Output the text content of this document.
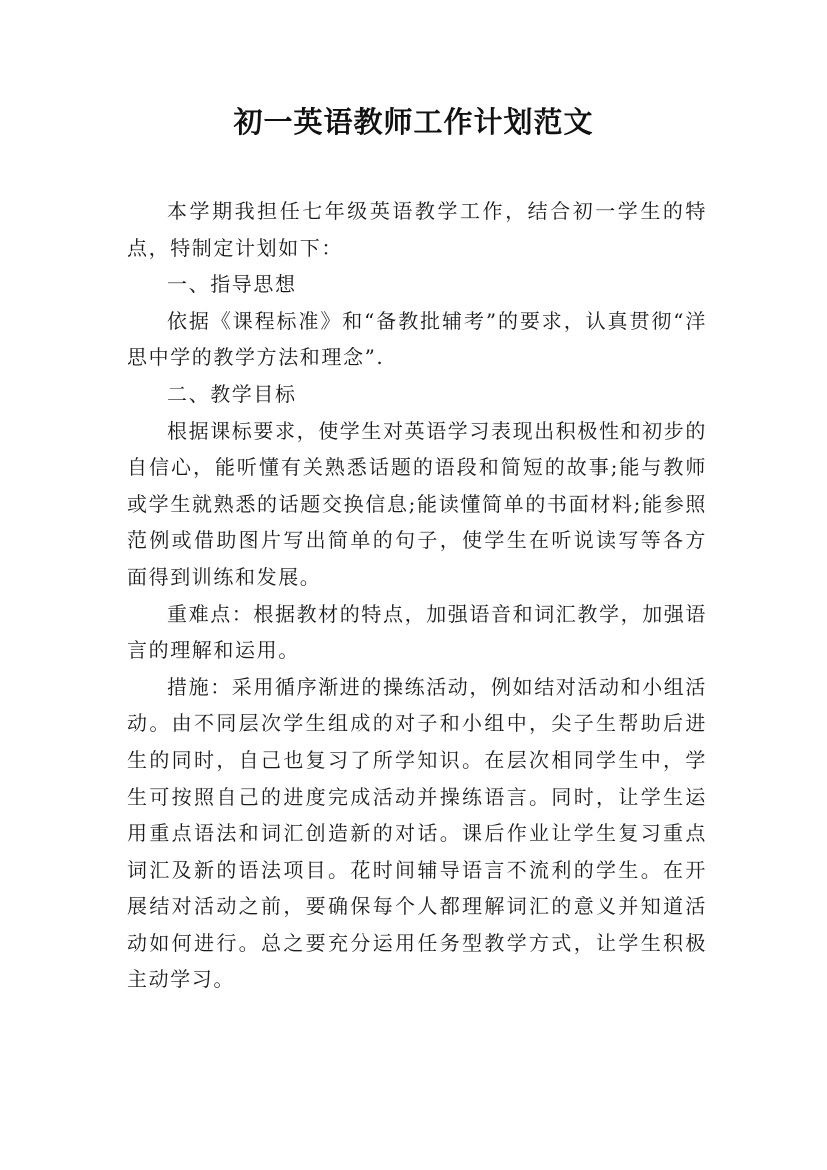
初一英语教师工作计划范文

本学期我担任七年级英语教学工作，结合初一学生的特点，特制定计划如下：

一、指导思想

依据《课程标准》和“备教批辅考”的要求，认真贯彻“洋思中学的教学方法和理念”.

二、教学目标

根据课标要求，使学生对英语学习表现出积极性和初步的自信心，能听懂有关熟悉话题的语段和简短的故事;能与教师或学生就熟悉的话题交换信息;能读懂简单的书面材料;能参照范例或借助图片写出简单的句子，使学生在听说读写等各方面得到训练和发展。

重难点：根据教材的特点，加强语音和词汇教学，加强语言的理解和运用。

措施：采用循序渐进的操练活动，例如结对活动和小组活动。由不同层次学生组成的对子和小组中，尖子生帮助后进生的同时，自己也复习了所学知识。在层次相同学生中，学生可按照自己的进度完成活动并操练语言。同时，让学生运用重点语法和词汇创造新的对话。课后作业让学生复习重点词汇及新的语法项目。花时间辅导语言不流利的学生。在开展结对活动之前，要确保每个人都理解词汇的意义并知道活动如何进行。总之要充分运用任务型教学方式，让学生积极主动学习。
